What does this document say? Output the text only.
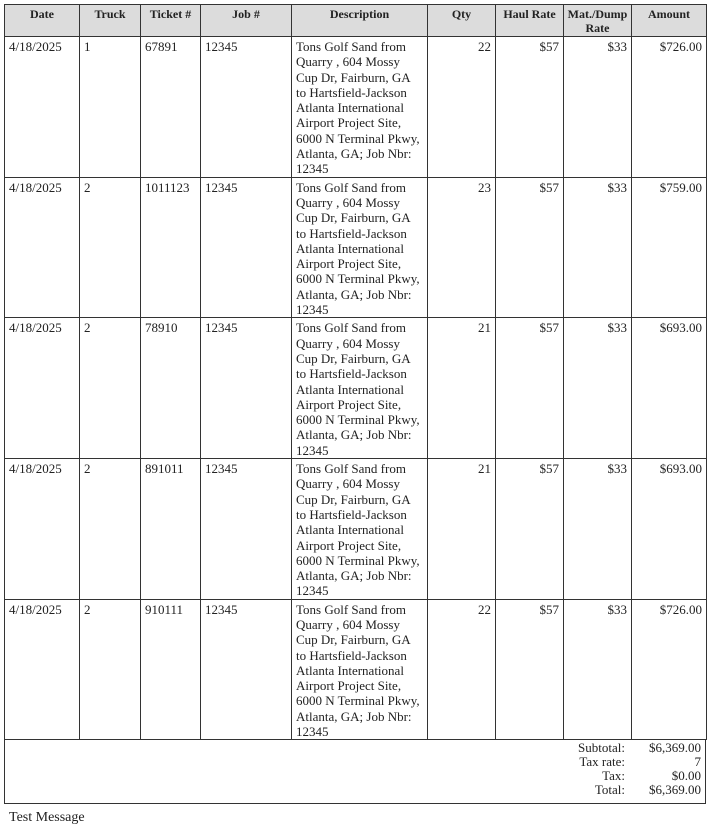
Date	Truck	Ticket #	Job #	Description	Qty	Haul Rate	Mat./Dump Rate	Amount
4/18/2025	1	67891	12345	Tons Golf Sand from Quarry , 604 Mossy Cup Dr, Fairburn, GA to Hartsfield-Jackson Atlanta International Airport Project Site, 6000 N Terminal Pkwy, Atlanta, GA; Job Nbr: 12345	22	$57	$33	$726.00
4/18/2025	2	1011123	12345	Tons Golf Sand from Quarry , 604 Mossy Cup Dr, Fairburn, GA to Hartsfield-Jackson Atlanta International Airport Project Site, 6000 N Terminal Pkwy, Atlanta, GA; Job Nbr: 12345	23	$57	$33	$759.00
4/18/2025	2	78910	12345	Tons Golf Sand from Quarry , 604 Mossy Cup Dr, Fairburn, GA to Hartsfield-Jackson Atlanta International Airport Project Site, 6000 N Terminal Pkwy, Atlanta, GA; Job Nbr: 12345	21	$57	$33	$693.00
4/18/2025	2	891011	12345	Tons Golf Sand from Quarry , 604 Mossy Cup Dr, Fairburn, GA to Hartsfield-Jackson Atlanta International Airport Project Site, 6000 N Terminal Pkwy, Atlanta, GA; Job Nbr: 12345	21	$57	$33	$693.00
4/18/2025	2	910111	12345	Tons Golf Sand from Quarry , 604 Mossy Cup Dr, Fairburn, GA to Hartsfield-Jackson Atlanta International Airport Project Site, 6000 N Terminal Pkwy, Atlanta, GA; Job Nbr: 12345	22	$57	$33	$726.00
Subtotal:	$6,369.00
Tax rate:	7
Tax:	$0.00
Total:	$6,369.00
Test Message
